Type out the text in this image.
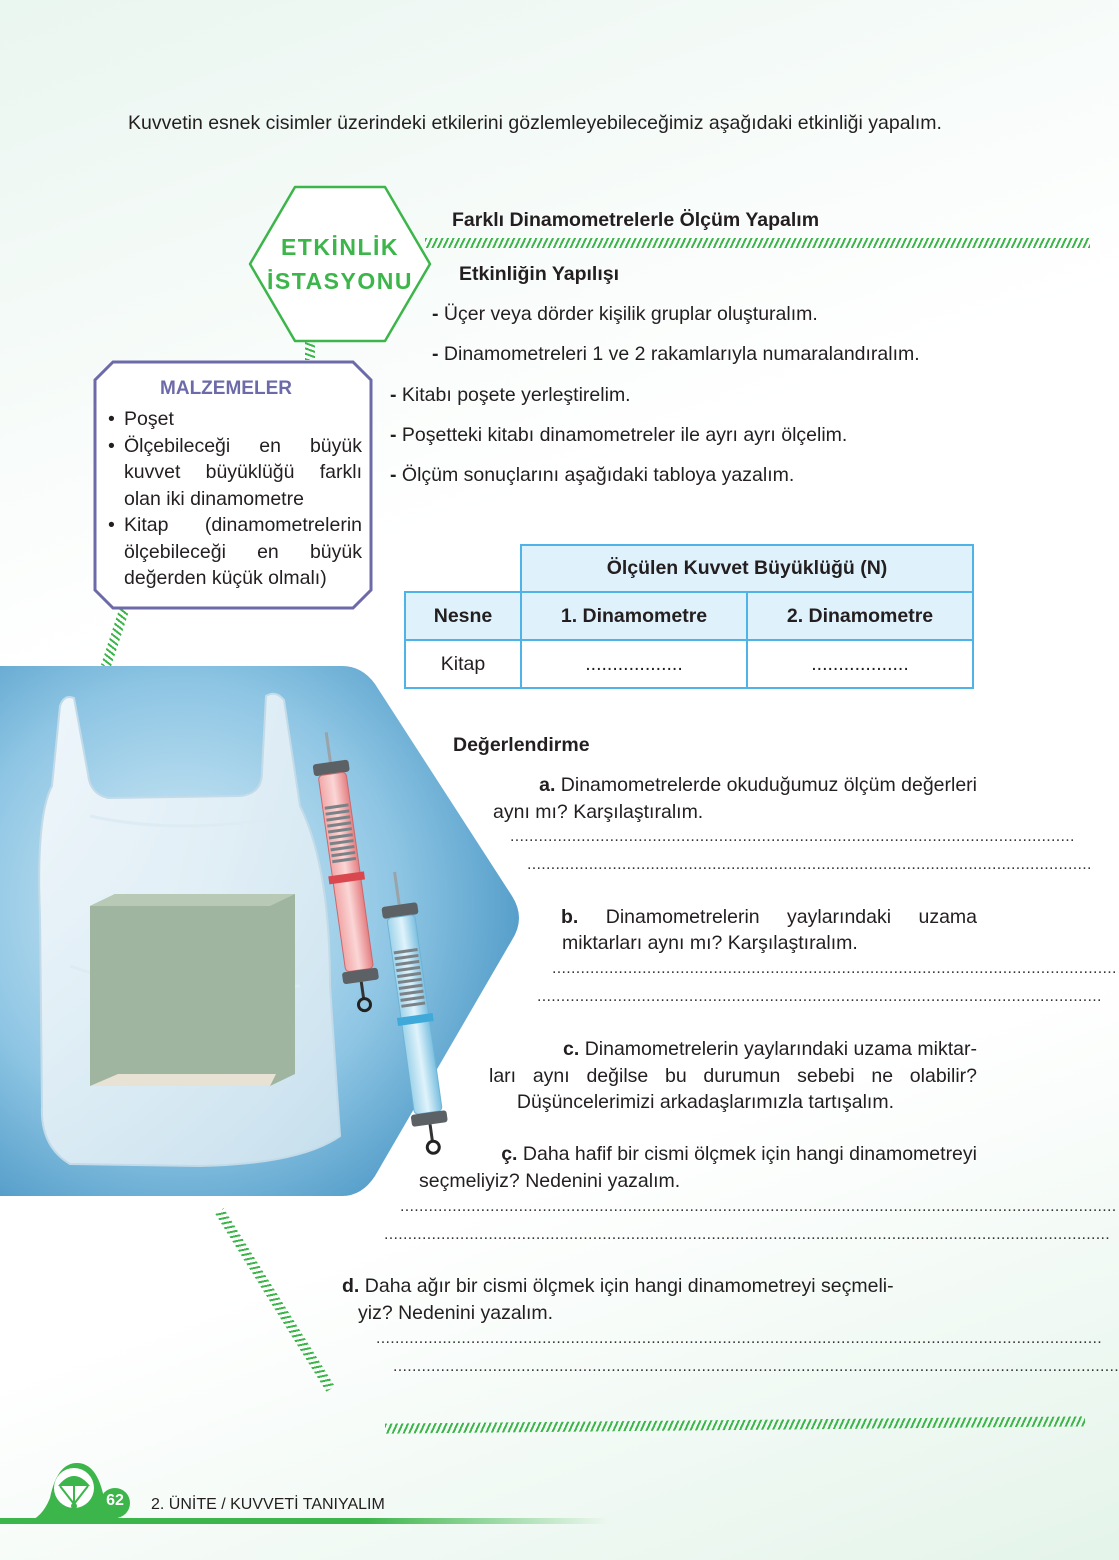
Kuvvetin esnek cisimler üzerindeki etkilerini gözlemleyebileceğimiz aşağıdaki etkinliği yapalım.
ETKİNLİK
İSTASYONU
Farklı Dinamometrelerle Ölçüm Yapalım
Etkinliğin Yapılışı
- Üçer veya dörder kişilik gruplar oluşturalım.
- Dinamometreleri 1 ve 2 rakamlarıyla numaralandıralım.
- Kitabı poşete yerleştirelim.
- Poşetteki kitabı dinamometreler ile ayrı ayrı ölçelim.
- Ölçüm sonuçlarını aşağıdaki tabloya yazalım.
MALZEMELER
• Poşet
• Ölçebileceği en büyük kuvvet büyüklüğü farklı olan iki dinamometre
• Kitap (dinamometrelerin ölçebileceği en büyük değerden küçük olmalı)
		Ölçülen Kuvvet Büyüklüğü (N)	
Nesne	1. Dinamometre	2. Dinamometre
Kitap	..................	..................
Değerlendirme
a. Dinamometrelerde okuduğumuz ölçüm değerleri
aynı mı? Karşılaştıralım.
.......................................................................................................................
.......................................................................................................................
b. Dinamometrelerin yaylarındaki uzama
miktarları aynı mı? Karşılaştıralım.
.......................................................................................................................
.......................................................................................................................
c. Dinamometrelerin yaylarındaki uzama miktar-
ları aynı değilse bu durumun sebebi ne olabilir?
Düşüncelerimizi arkadaşlarımızla tartışalım.
ç. Daha hafif bir cismi ölçmek için hangi dinamometreyi
seçmeliyiz? Nedenini yazalım.
.......................................................................................................................................................
.........................................................................................................................................................
d. Daha ağır bir cismi ölçmek için hangi dinamometreyi seçmeli-
yiz? Nedenini yazalım.
.........................................................................................................................................................
.........................................................................................................................................................
62	2. ÜNİTE / KUVVETİ TANIYALIM
